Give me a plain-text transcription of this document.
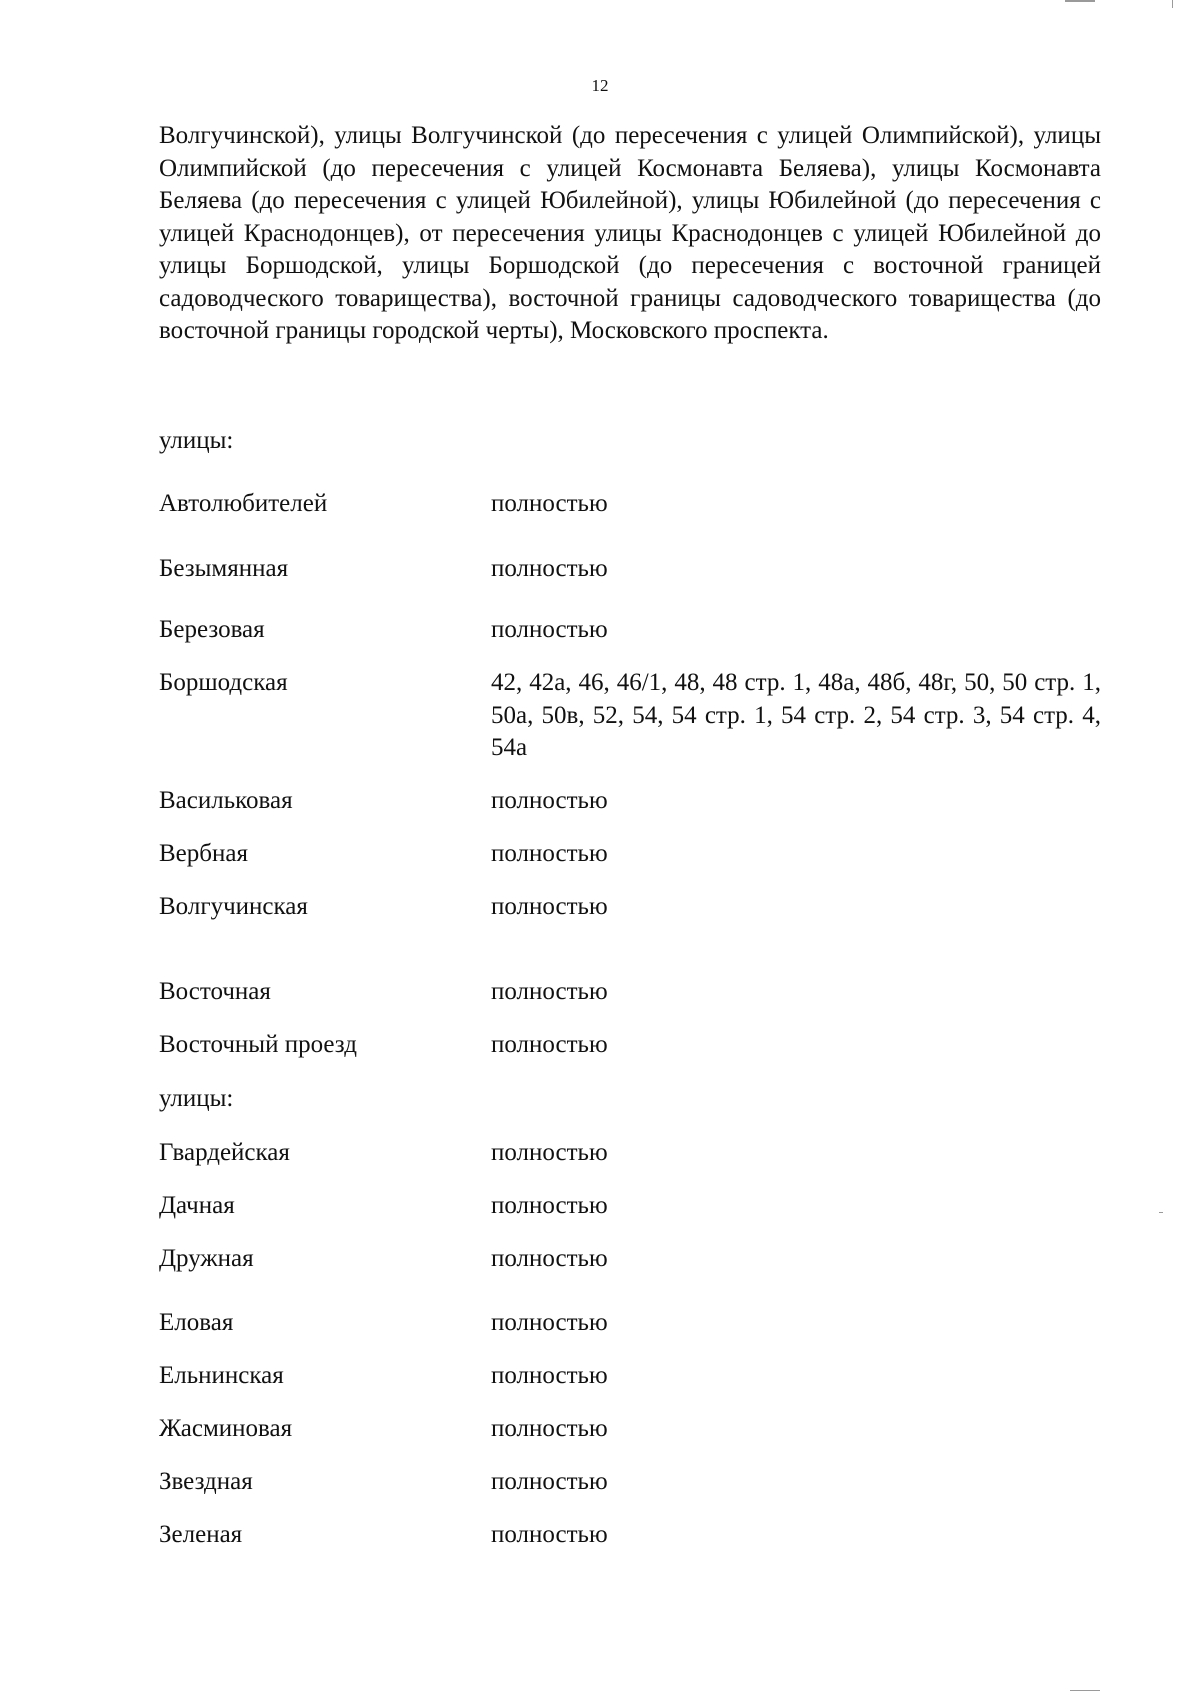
12

Волгучинской), улицы Волгучинской (до пересечения с улицей Олимпийской), улицы Олимпийской (до пересечения с улицей Космонавта Беляева), улицы Космонавта Беляева (до пересечения с улицей Юбилейной), улицы Юбилейной (до пересечения с улицей Краснодонцев), от пересечения улицы Краснодонцев с улицей Юбилейной до улицы Боршодской, улицы Боршодской (до пересечения с восточной границей садоводческого товарищества), восточной границы садоводческого товарищества (до восточной границы городской черты), Московского проспекта.

улицы:
Автолюбителей	полностью
Безымянная	полностью
Березовая	полностью
Боршодская	42, 42а, 46, 46/1, 48, 48 стр. 1, 48а, 48б, 48г, 50, 50 стр. 1, 50а, 50в, 52, 54, 54 стр. 1, 54 стр. 2, 54 стр. 3, 54 стр. 4, 54а
Васильковая	полностью
Вербная	полностью
Волгучинская	полностью
Восточная	полностью
Восточный проезд	полностью
улицы:
Гвардейская	полностью
Дачная	полностью
Дружная	полностью
Еловая	полностью
Ельнинская	полностью
Жасминовая	полностью
Звездная	полностью
Зеленая	полностью
